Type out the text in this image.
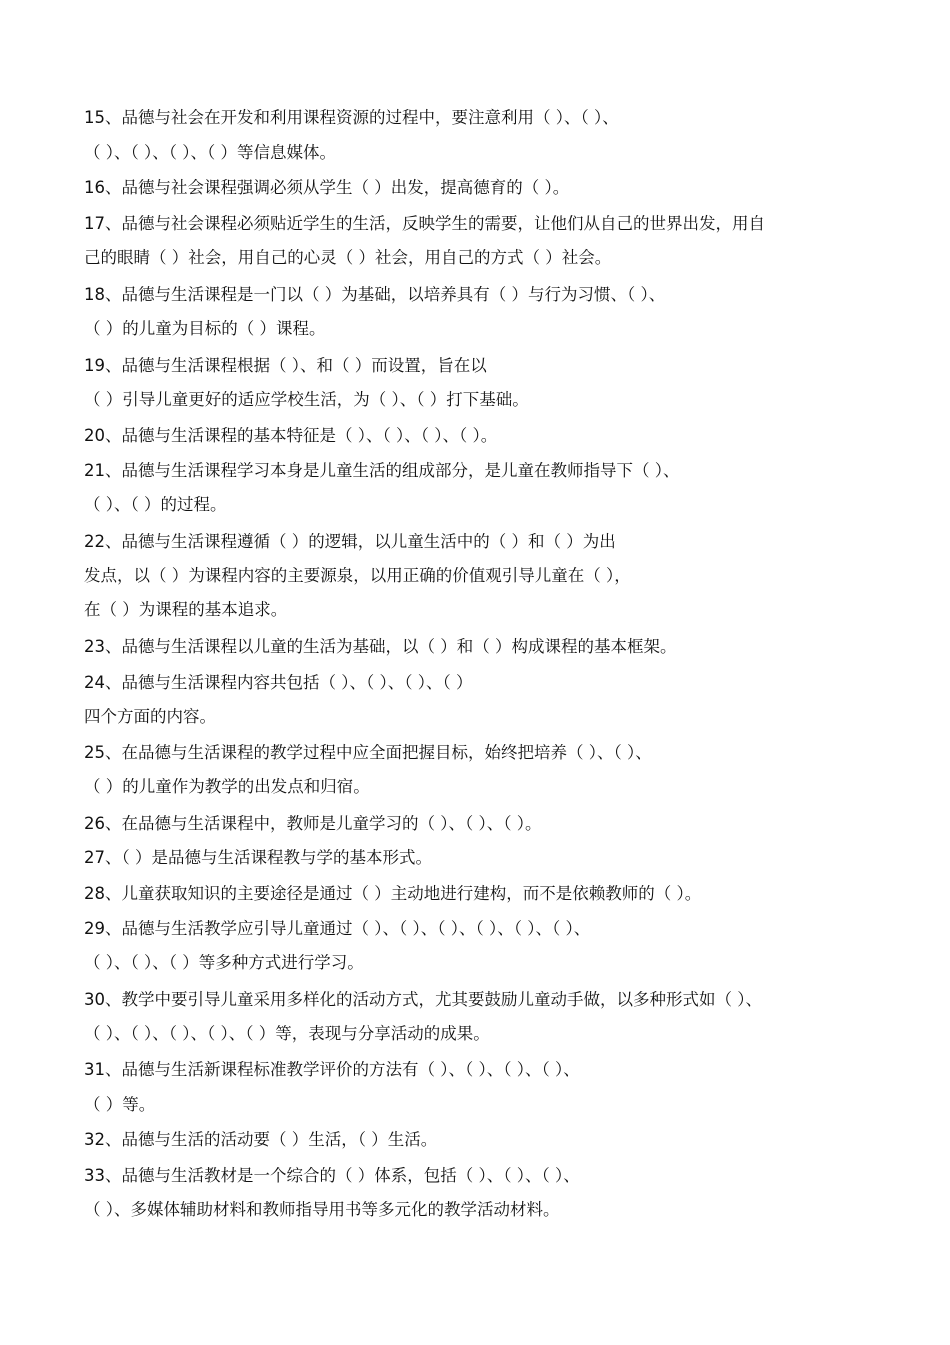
15、品德与社会在开发和利用课程资源的过程中，要注意利用（ ）、（ ）、
（ ）、（ ）、（ ）、（ ）等信息媒体。
16、品德与社会课程强调必须从学生（ ）出发，提高德育的（ ）。
17、品德与社会课程必须贴近学生的生活，反映学生的需要，让他们从自己的世界出发，用自
己的眼睛（ ）社会，用自己的心灵（ ）社会，用自己的方式（ ）社会。
18、品德与生活课程是一门以（ ）为基础，以培养具有（ ）与行为习惯、（ ）、
（ ）的儿童为目标的（ ）课程。
19、品德与生活课程根据（ ）、和（ ）而设置，旨在以
（ ）引导儿童更好的适应学校生活，为（ ）、（ ）打下基础。
20、品德与生活课程的基本特征是（ ）、（ ）、（ ）、（ ）。
21、品德与生活课程学习本身是儿童生活的组成部分，是儿童在教师指导下（ ）、
（ ）、（ ）的过程。
22、品德与生活课程遵循（ ）的逻辑，以儿童生活中的（ ）和（ ）为出
发点，以（ ）为课程内容的主要源泉，以用正确的价值观引导儿童在（ ），
在（ ）为课程的基本追求。
23、品德与生活课程以儿童的生活为基础，以（ ）和（ ）构成课程的基本框架。
24、品德与生活课程内容共包括（ ）、（ ）、（ ）、（ ）
四个方面的内容。
25、在品德与生活课程的教学过程中应全面把握目标，始终把培养（ ）、（ ）、
（ ）的儿童作为教学的出发点和归宿。
26、在品德与生活课程中，教师是儿童学习的（ ）、（ ）、（ ）。
27、（ ）是品德与生活课程教与学的基本形式。
28、儿童获取知识的主要途径是通过（ ）主动地进行建构，而不是依赖教师的（ ）。
29、品德与生活教学应引导儿童通过（ ）、（ ）、（ ）、（ ）、（ ）、（ ）、
（ ）、（ ）、（ ）等多种方式进行学习。
30、教学中要引导儿童采用多样化的活动方式，尤其要鼓励儿童动手做，以多种形式如（ ）、
（ ）、（ ）、（ ）、（ ）、（ ）等，表现与分享活动的成果。
31、品德与生活新课程标准教学评价的方法有（ ）、（ ）、（ ）、（ ）、
（ ）等。
32、品德与生活的活动要（ ）生活，（ ）生活。
33、品德与生活教材是一个综合的（ ）体系，包括（ ）、（ ）、（ ）、
（ ）、多媒体辅助材料和教师指导用书等多元化的教学活动材料。
